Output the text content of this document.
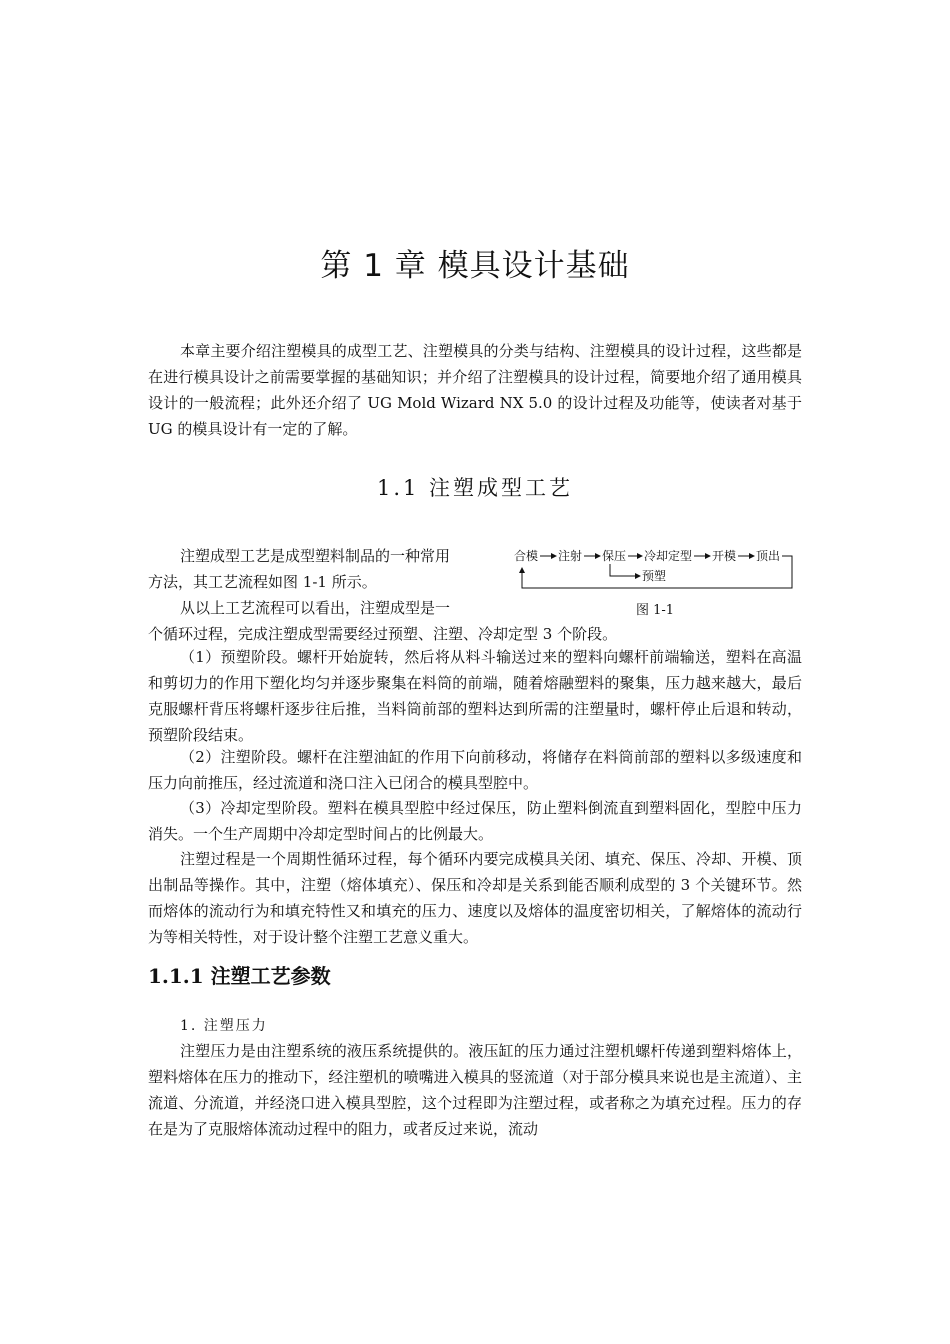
第 1 章 模具设计基础

本章主要介绍注塑模具的成型工艺、注塑模具的分类与结构、注塑模具的设计过程，这些都是在进行模具设计之前需要掌握的基础知识；并介绍了注塑模具的设计过程，简要地介绍了通用模具设计的一般流程；此外还介绍了 UG Mold Wizard NX 5.0 的设计过程及功能等，使读者对基于 UG 的模具设计有一定的了解。

1.1 注塑成型工艺
注塑成型工艺是成型塑料制品的一种常用
方法，其工艺流程如图 1-1 所示。
从以上工艺流程可以看出，注塑成型是一
个循环过程，完成注塑成型需要经过预塑、注塑、冷却定型 3 个阶段。
合模 注射 保压 冷却定型 开模 顶出
预塑
图 1-1

（1）预塑阶段。螺杆开始旋转，然后将从料斗输送过来的塑料向螺杆前端输送，塑料在高温和剪切力的作用下塑化均匀并逐步聚集在料筒的前端，随着熔融塑料的聚集，压力越来越大，最后克服螺杆背压将螺杆逐步往后推，当料筒前部的塑料达到所需的注塑量时，螺杆停止后退和转动，预塑阶段结束。

（2）注塑阶段。螺杆在注塑油缸的作用下向前移动，将储存在料筒前部的塑料以多级速度和压力向前推压，经过流道和浇口注入已闭合的模具型腔中。

（3）冷却定型阶段。塑料在模具型腔中经过保压，防止塑料倒流直到塑料固化，型腔中压力消失。一个生产周期中冷却定型时间占的比例最大。

注塑过程是一个周期性循环过程，每个循环内要完成模具关闭、填充、保压、冷却、开模、顶出制品等操作。其中，注塑（熔体填充）、保压和冷却是关系到能否顺利成型的 3 个关键环节。然而熔体的流动行为和填充特性又和填充的压力、速度以及熔体的温度密切相关，了解熔体的流动行为等相关特性，对于设计整个注塑工艺意义重大。

1.1.1 注塑工艺参数
1. 注塑压力

注塑压力是由注塑系统的液压系统提供的。液压缸的压力通过注塑机螺杆传递到塑料熔体上，塑料熔体在压力的推动下，经注塑机的喷嘴进入模具的竖流道（对于部分模具来说也是主流道）、主流道、分流道，并经浇口进入模具型腔，这个过程即为注塑过程，或者称之为填充过程。压力的存在是为了克服熔体流动过程中的阻力，或者反过来说，流动
